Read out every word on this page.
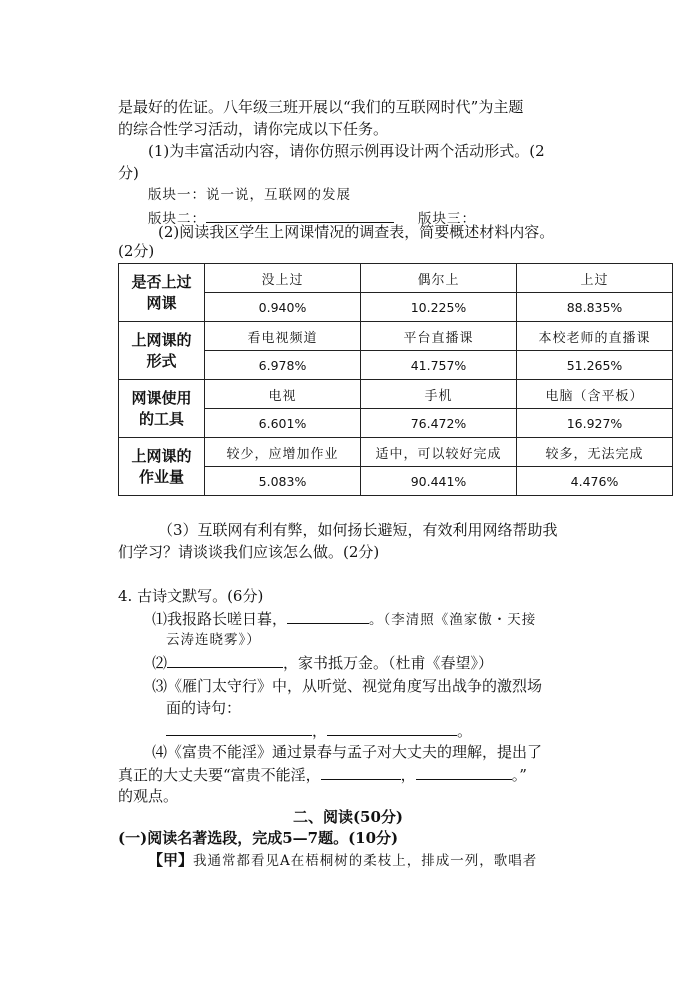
是最好的佐证。八年级三班开展以“我们的互联网时代”为主题
的综合性学习活动，请你完成以下任务。
(1)为丰富活动内容，请你仿照示例再设计两个活动形式。(2
分)
版块一：说一说，互联网的发展
版块二：	版块三：
(2)阅读我区学生上网课情况的调查表，简要概述材料内容。
(2分)
是否上过
网课	没上过	偶尔上	上过
	0.940%	10.225%	88.835%
上网课的
形式	看电视频道	平台直播课	本校老师的直播课
	6.978%	41.757%	51.265%
网课使用
的工具	电视	手机	电脑（含平板）
	6.601%	76.472%	16.927%
上网课的
作业量	较少，应增加作业	适中，可以较好完成	较多，无法完成
	5.083%	90.441%	4.476%
（3）互联网有利有弊，如何扬长避短，有效利用网络帮助我
们学习？请谈谈我们应该怎么做。(2分)
4. 古诗文默写。(6分)
⑴我报路长嗟日暮，	。（李清照《渔家傲・天接
云涛连晓雾》）
⑵	，家书抵万金。（杜甫《春望》）
⑶《雁门太守行》中，从听觉、视觉角度写出战争的激烈场
面的诗句：
，	。
⑷《富贵不能淫》通过景春与孟子对大丈夫的理解，提出了
真正的大丈夫要“富贵不能淫，	，	。”
的观点。
二、阅读(50分)
(一)阅读名著选段，完成5—7题。(10分)
【甲】我通常都看见A在梧桐树的柔枝上，排成一列，歌唱者
